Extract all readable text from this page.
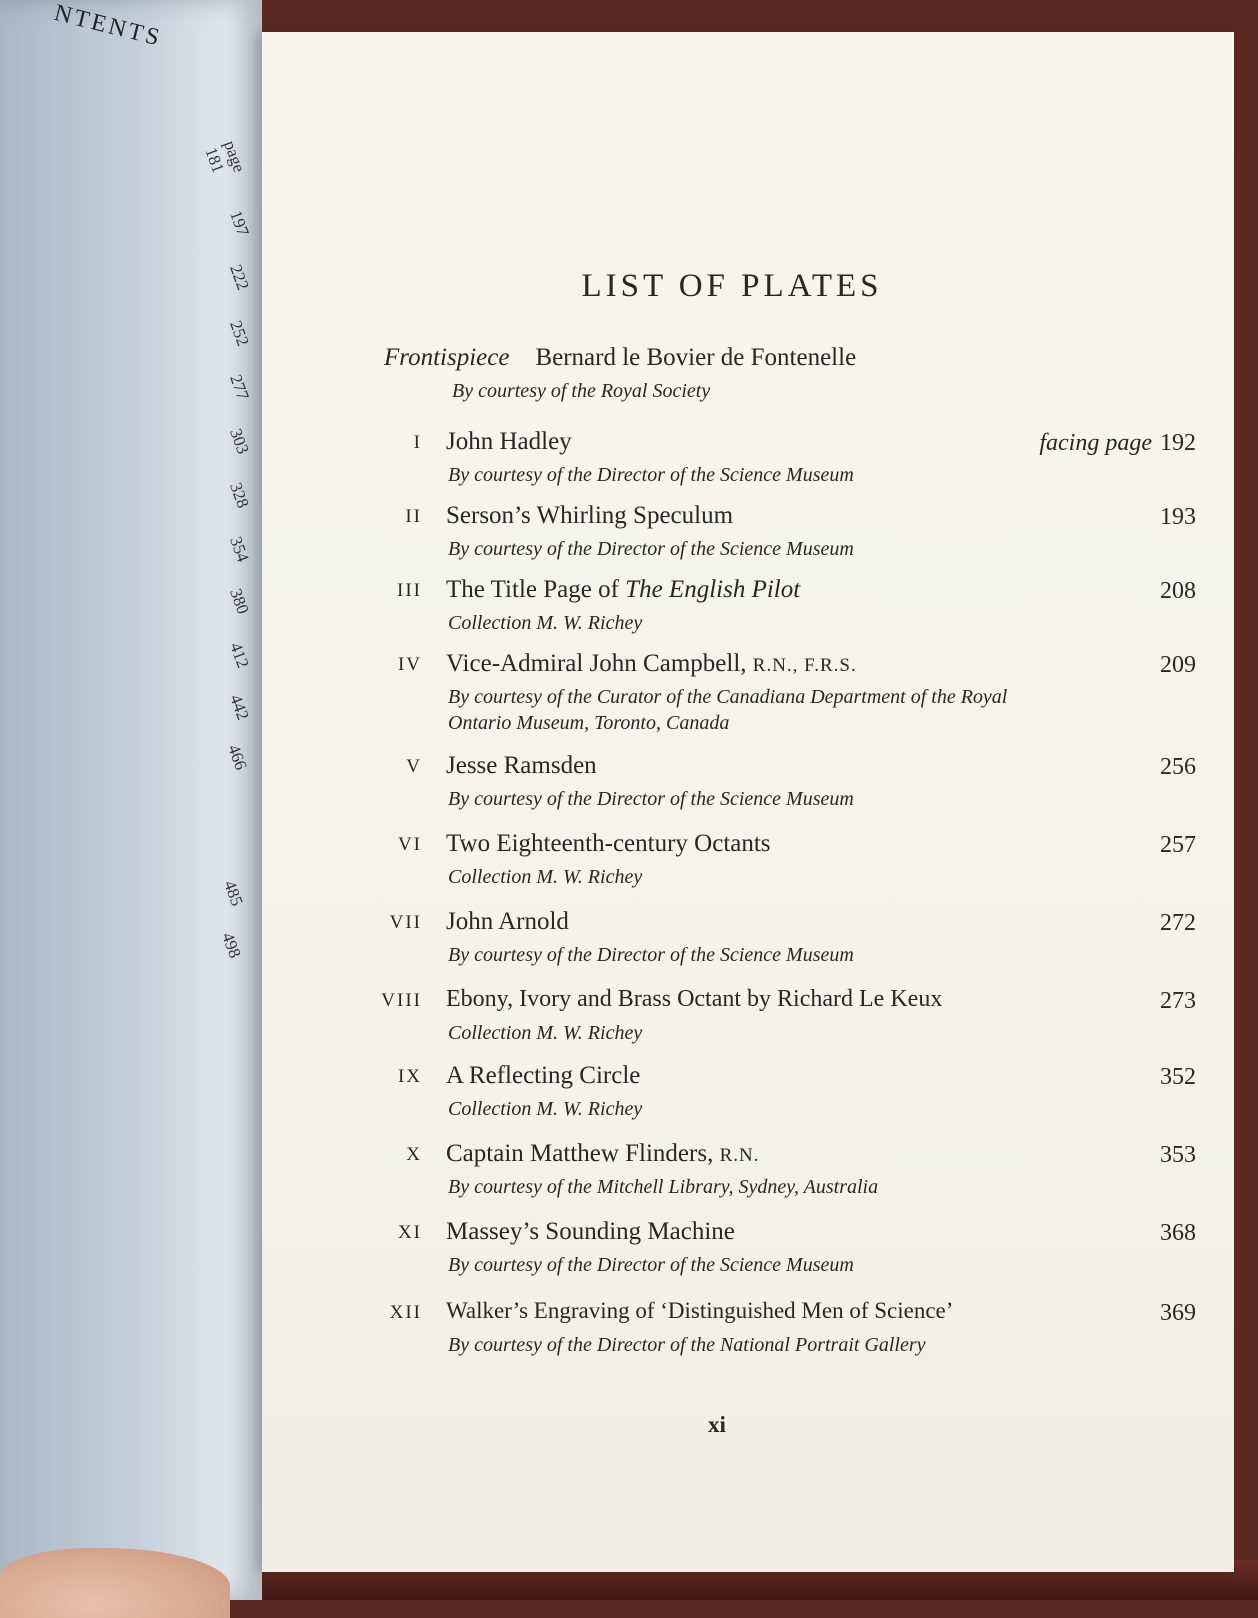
NTENTS
page 181
197
222
252
277
303
328
354
380
412
442
466
485
498
LIST OF PLATES
Frontispiece Bernard le Bovier de Fontenelle
By courtesy of the Royal Society
I John Hadley	facing page 192
By courtesy of the Director of the Science Museum
II Serson’s Whirling Speculum	193
By courtesy of the Director of the Science Museum
III The Title Page of The English Pilot	208
Collection M. W. Richey
IV Vice-Admiral John Campbell, R.N., F.R.S.	209
By courtesy of the Curator of the Canadiana Department of the Royal Ontario Museum, Toronto, Canada
V Jesse Ramsden	256
By courtesy of the Director of the Science Museum
VI Two Eighteenth-century Octants	257
Collection M. W. Richey
VII John Arnold	272
By courtesy of the Director of the Science Museum
VIII Ebony, Ivory and Brass Octant by Richard Le Keux	273
Collection M. W. Richey
IX A Reflecting Circle	352
Collection M. W. Richey
X Captain Matthew Flinders, R.N.	353
By courtesy of the Mitchell Library, Sydney, Australia
XI Massey’s Sounding Machine	368
By courtesy of the Director of the Science Museum
XII Walker’s Engraving of ‘Distinguished Men of Science’	369
By courtesy of the Director of the National Portrait Gallery
xi
